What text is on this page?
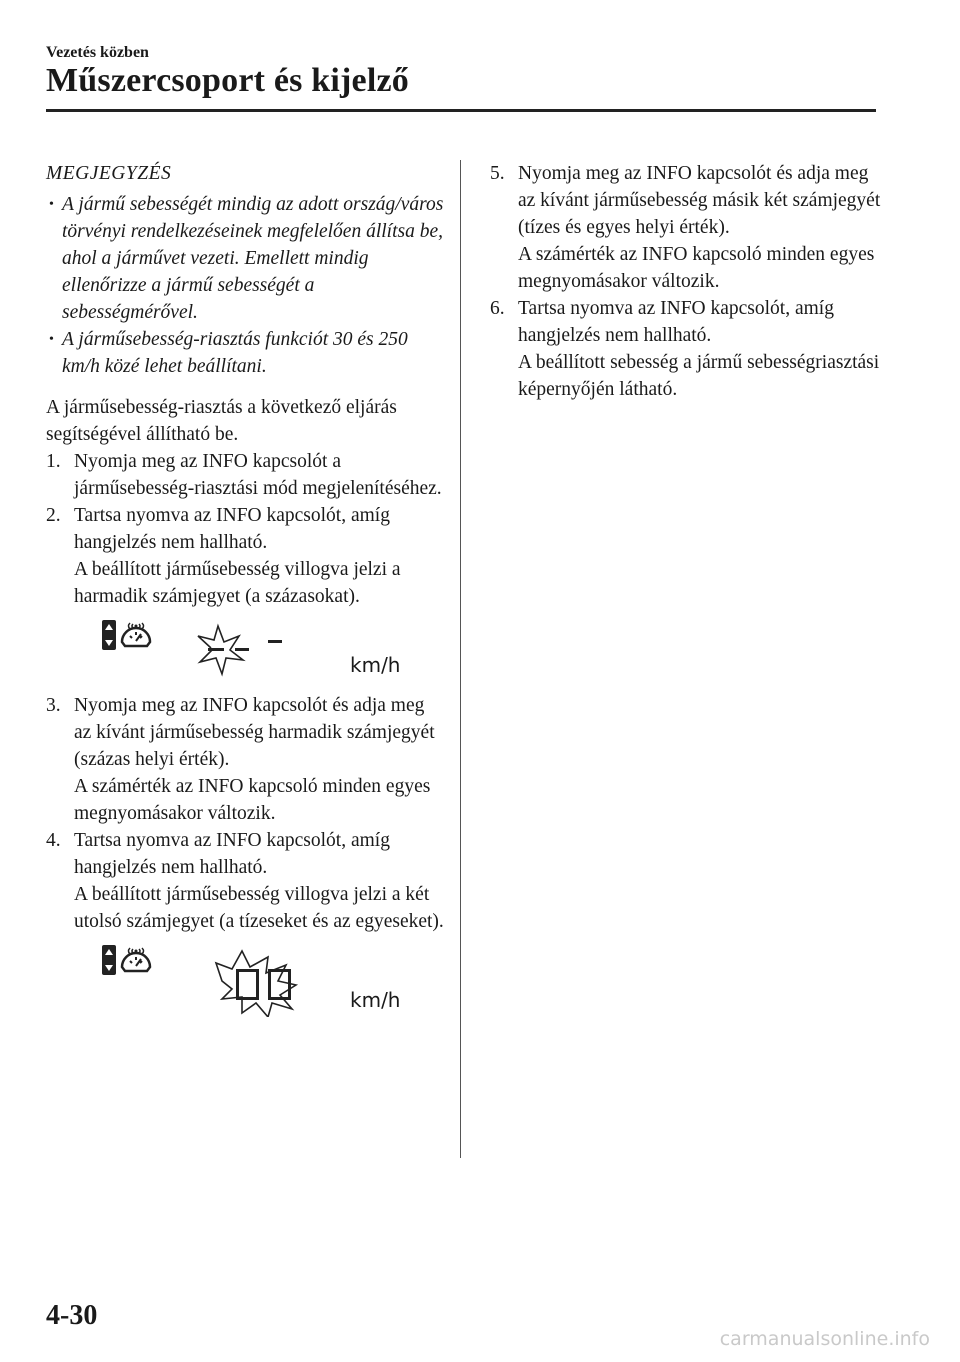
Vezetés közben
Műszercsoport és kijelző
MEGJEGYZÉS
• A jármű sebességét mindig az adott ország/város törvényi rendelkezéseinek megfelelően állítsa be, ahol a járművet vezeti. Emellett mindig ellenőrizze a jármű sebességét a sebességmérővel.
• A járműsebesség-riasztás funkciót 30 és 250 km/h közé lehet beállítani.
A járműsebesség-riasztás a következő eljárás segítségével állítható be.
1. Nyomja meg az INFO kapcsolót a járműsebesség-riasztási mód megjelenítéséhez.
2. Tartsa nyomva az INFO kapcsolót, amíg hangjelzés nem hallható.
A beállított járműsebesség villogva jelzi a harmadik számjegyet (a százasokat).
km/h
3. Nyomja meg az INFO kapcsolót és adja meg az kívánt járműsebesség harmadik számjegyét (százas helyi érték).
A számérték az INFO kapcsoló minden egyes megnyomásakor változik.
4. Tartsa nyomva az INFO kapcsolót, amíg hangjelzés nem hallható.
A beállított járműsebesség villogva jelzi a két utolsó számjegyet (a tízeseket és az egyeseket).
km/h
5. Nyomja meg az INFO kapcsolót és adja meg az kívánt járműsebesség másik két számjegyét (tízes és egyes helyi érték).
A számérték az INFO kapcsoló minden egyes megnyomásakor változik.
6. Tartsa nyomva az INFO kapcsolót, amíg hangjelzés nem hallható.
A beállított sebesség a jármű sebességriasztási képernyőjén látható.
4-30
carmanualsonline.info
